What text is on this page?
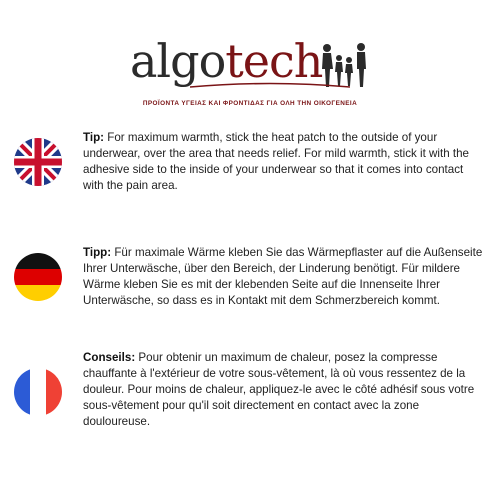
algotech
ΠΡΟΪΟΝΤΑ ΥΓΕΙΑΣ ΚΑΙ ΦΡΟΝΤΙΔΑΣ ΓΙΑ ΟΛΗ ΤΗΝ ΟΙΚΟΓΕΝΕΙΑ
Tip: For maximum warmth, stick the heat patch to the outside of your underwear, over the area that needs relief. For mild warmth, stick it with the adhesive side to the inside of your underwear so that it comes into contact with the pain area.
Tipp: Für maximale Wärme kleben Sie das Wärmepflaster auf die Außenseite Ihrer Unterwäsche, über den Bereich, der Linderung benötigt. Für mildere Wärme kleben Sie es mit der klebenden Seite auf die Innenseite Ihrer Unterwäsche, so dass es in Kontakt mit dem Schmerzbereich kommt.
Conseils: Pour obtenir un maximum de chaleur, posez la compresse chauffante à l'extérieur de votre sous-vêtement, là où vous ressentez de la douleur. Pour moins de chaleur, appliquez-le avec le côté adhésif sous votre sous-vêtement pour qu'il soit directement en contact avec la zone douloureuse.
